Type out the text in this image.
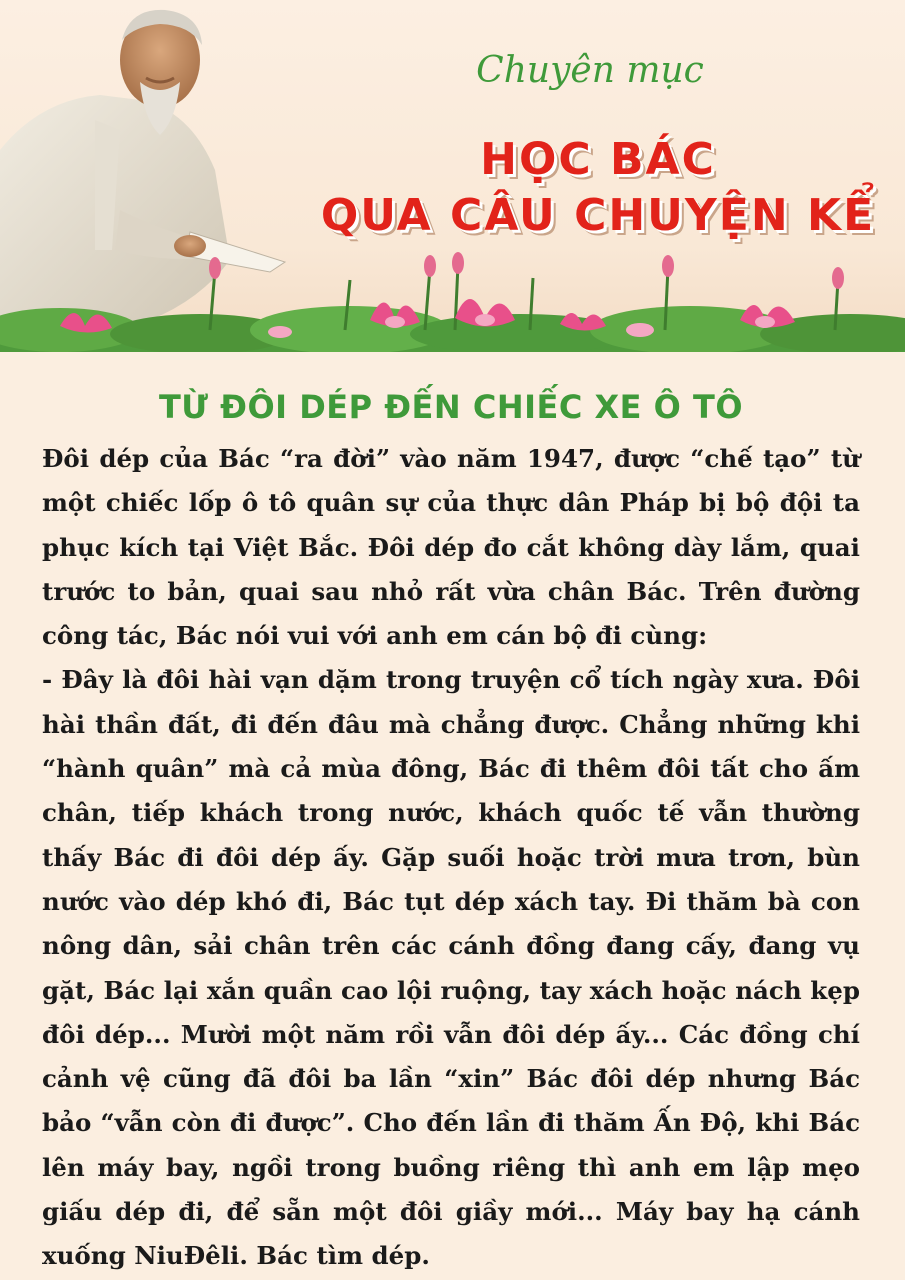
Chuyên mục
HỌC BÁC
QUA CÂU CHUYỆN KỂ
TỪ ĐÔI DÉP ĐẾN CHIẾC XE Ô TÔ

Đôi dép của Bác “ra đời” vào năm 1947, được “chế tạo” từ một chiếc lốp ô tô quân sự của thực dân Pháp bị bộ đội ta phục kích tại Việt Bắc. Đôi dép đo cắt không dày lắm, quai trước to bản, quai sau nhỏ rất vừa chân Bác. Trên đường công tác, Bác nói vui với anh em cán bộ đi cùng:

- Đây là đôi hài vạn dặm trong truyện cổ tích ngày xưa. Đôi hài thần đất, đi đến đâu mà chẳng được. Chẳng những khi “hành quân” mà cả mùa đông, Bác đi thêm đôi tất cho ấm chân, tiếp khách trong nước, khách quốc tế vẫn thường thấy Bác đi đôi dép ấy. Gặp suối hoặc trời mưa trơn, bùn nước vào dép khó đi, Bác tụt dép xách tay. Đi thăm bà con nông dân, sải chân trên các cánh đồng đang cấy, đang vụ gặt, Bác lại xắn quần cao lội ruộng, tay xách hoặc nách kẹp đôi dép... Mười một năm rồi vẫn đôi dép ấy... Các đồng chí cảnh vệ cũng đã đôi ba lần “xin” Bác đôi dép nhưng Bác bảo “vẫn còn đi được”. Cho đến lần đi thăm Ấn Độ, khi Bác lên máy bay, ngồi trong buồng riêng thì anh em lập mẹo giấu dép đi, để sẵn một đôi giầy mới... Máy bay hạ cánh xuống NiuĐêli. Bác tìm dép.
